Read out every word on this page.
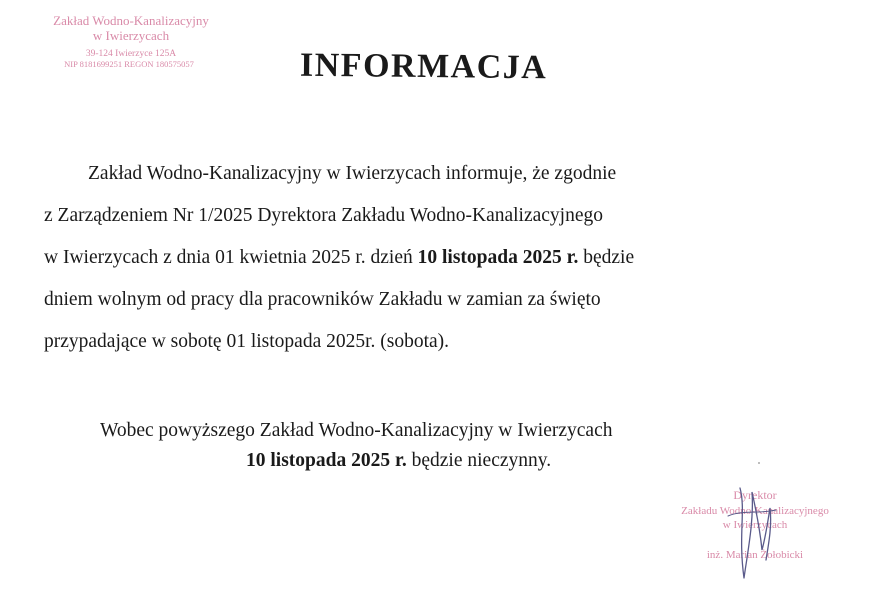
Zakład Wodno-Kanalizacyjny
w Iwierzycach
39-124 Iwierzyce 125A
NIP 8181699251 REGON 180575057	INFORMACJA
Zakład Wodno-Kanalizacyjny w Iwierzycach informuje, że zgodnie
z Zarządzeniem Nr 1/2025 Dyrektora Zakładu Wodno-Kanalizacyjnego
w Iwierzycach z dnia 01 kwietnia 2025 r. dzień 10 listopada 2025 r. będzie
dniem wolnym od pracy dla pracowników Zakładu w zamian za święto
przypadające w sobotę 01 listopada 2025r. (sobota).
Wobec powyższego Zakład Wodno-Kanalizacyjny w Iwierzycach
10 listopada 2025 r. będzie nieczynny.
Dyrektor
Zakładu Wodno-Kanalizacyjnego
w Iwierzycach
inż. Marian Żołobicki
